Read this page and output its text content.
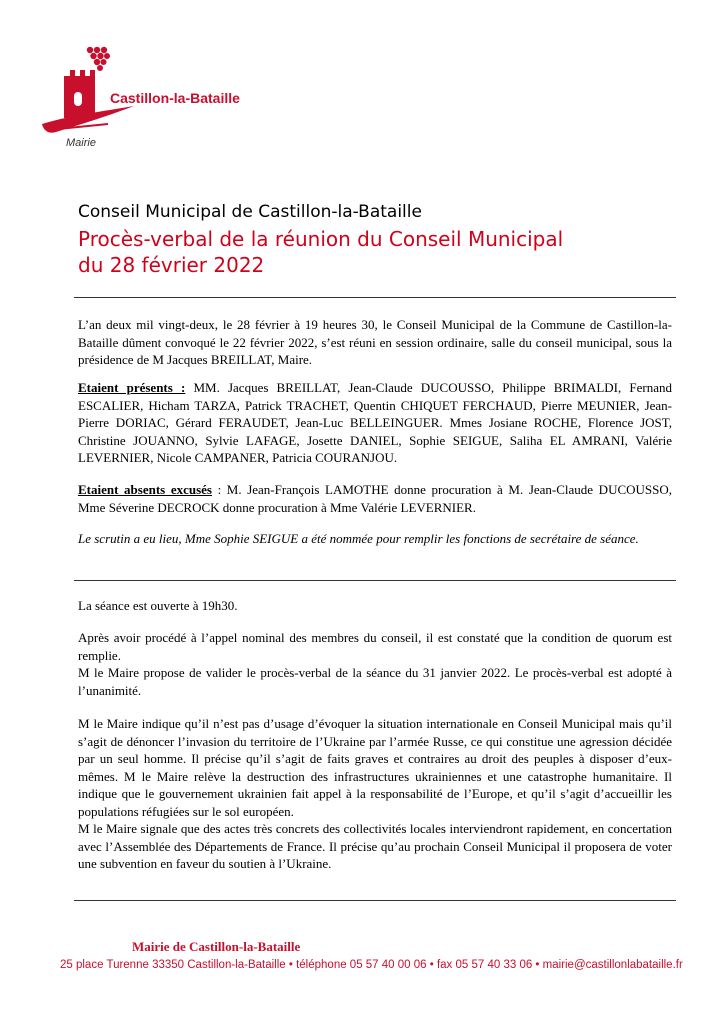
Castillon-la-Bataille
Mairie

Conseil Municipal de Castillon-la-Bataille

Procès-verbal de la réunion du Conseil Municipal

du 28 février 2022

L’an deux mil vingt-deux, le 28 février à 19 heures 30, le Conseil Municipal de la Commune de Castillon-la-Bataille dûment convoqué le 22 février 2022, s’est réuni en session ordinaire, salle du conseil municipal, sous la présidence de M Jacques BREILLAT, Maire.

Etaient présents : MM. Jacques BREILLAT, Jean-Claude DUCOUSSO, Philippe BRIMALDI, Fernand ESCALIER, Hicham TARZA, Patrick TRACHET, Quentin CHIQUET FERCHAUD, Pierre MEUNIER, Jean-Pierre DORIAC, Gérard FERAUDET, Jean-Luc BELLEINGUER. Mmes Josiane ROCHE, Florence JOST, Christine JOUANNO, Sylvie LAFAGE, Josette DANIEL, Sophie SEIGUE, Saliha EL AMRANI, Valérie LEVERNIER, Nicole CAMPANER, Patricia COURANJOU.

Etaient absents excusés : M. Jean-François LAMOTHE donne procuration à M. Jean-Claude DUCOUSSO, Mme Séverine DECROCK donne procuration à Mme Valérie LEVERNIER.

Le scrutin a eu lieu, Mme Sophie SEIGUE a été nommée pour remplir les fonctions de secrétaire de séance.

La séance est ouverte à 19h30.

Après avoir procédé à l’appel nominal des membres du conseil, il est constaté que la condition de quorum est remplie.

M le Maire propose de valider le procès-verbal de la séance du 31 janvier 2022. Le procès-verbal est adopté à l’unanimité.

M le Maire indique qu’il n’est pas d’usage d’évoquer la situation internationale en Conseil Municipal mais qu’il s’agit de dénoncer l’invasion du territoire de l’Ukraine par l’armée Russe, ce qui constitue une agression décidée par un seul homme. Il précise qu’il s’agit de faits graves et contraires au droit des peuples à disposer d’eux-mêmes. M le Maire relève la destruction des infrastructures ukrainiennes et une catastrophe humanitaire. Il indique que le gouvernement ukrainien fait appel à la responsabilité de l’Europe, et qu’il s’agit d’accueillir les populations réfugiées sur le sol européen.

M le Maire signale que des actes très concrets des collectivités locales interviendront rapidement, en concertation avec l’Assemblée des Départements de France. Il précise qu’au prochain Conseil Municipal il proposera de voter une subvention en faveur du soutien à l’Ukraine.

Mairie de Castillon-la-Bataille
25 place Turenne 33350 Castillon-la-Bataille • téléphone 05 57 40 00 06 • fax 05 57 40 33 06 • mairie@castillonlabataille.fr
